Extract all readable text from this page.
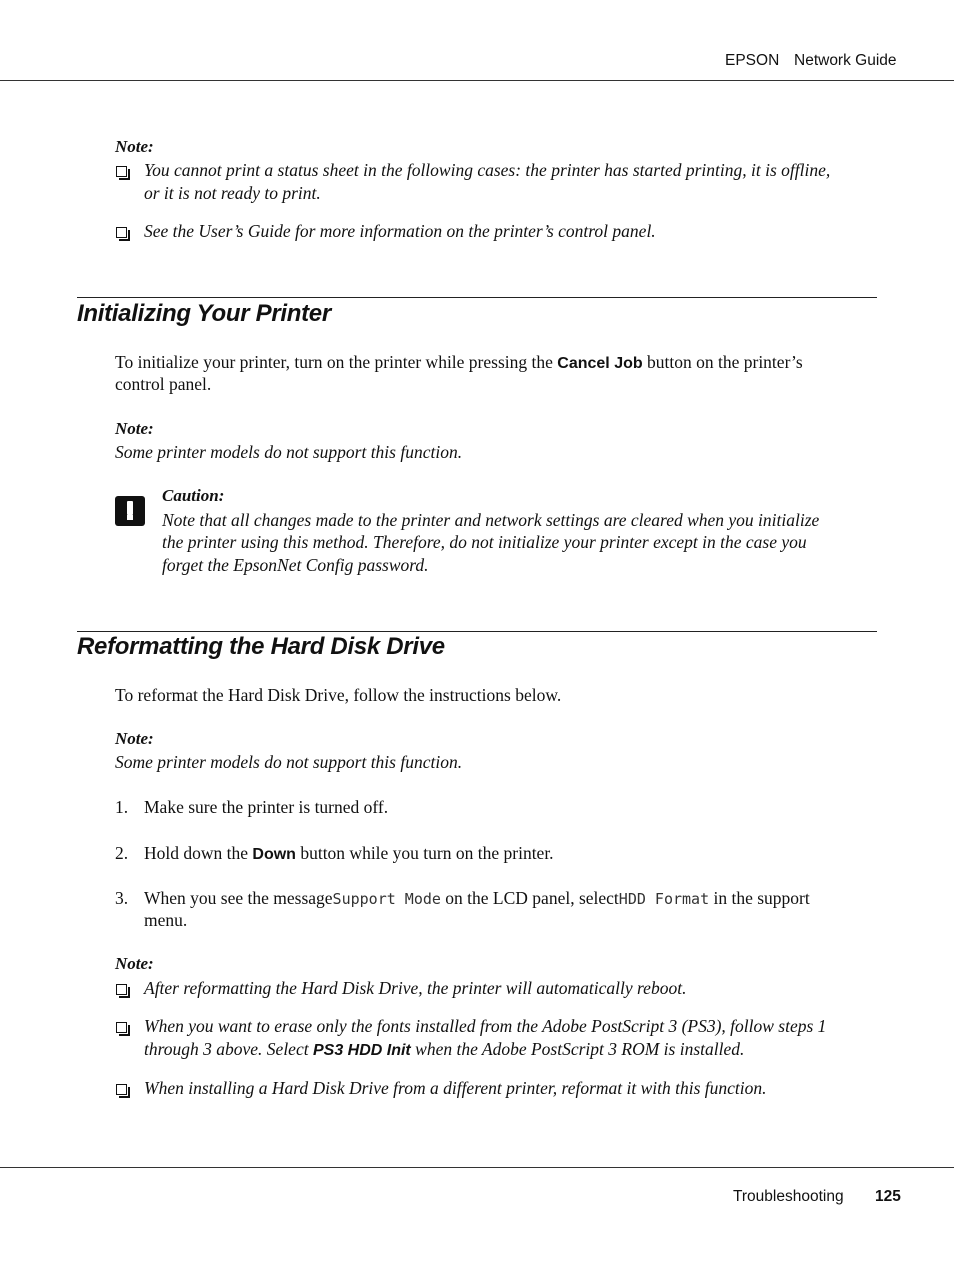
EPSON Network Guide
Note:
You cannot print a status sheet in the following cases: the printer has started printing, it is offline,
or it is not ready to print.
See the User’s Guide for more information on the printer’s control panel.
Initializing Your Printer
To initialize your printer, turn on the printer while pressing the Cancel Job button on the printer’s
control panel.
Note:
Some printer models do not support this function.
Caution:
Note that all changes made to the printer and network settings are cleared when you initialize
the printer using this method. Therefore, do not initialize your printer except in the case you
forget the EpsonNet Config password.
Reformatting the Hard Disk Drive
To reformat the Hard Disk Drive, follow the instructions below.
Note:
Some printer models do not support this function.
1. Make sure the printer is turned off.
2. Hold down the Down button while you turn on the printer.
3. When you see the messageSupport Mode on the LCD panel, selectHDD Format in the support
menu.
Note:
After reformatting the Hard Disk Drive, the printer will automatically reboot.
When you want to erase only the fonts installed from the Adobe PostScript 3 (PS3), follow steps 1
through 3 above. Select PS3 HDD Init when the Adobe PostScript 3 ROM is installed.
When installing a Hard Disk Drive from a different printer, reformat it with this function.
Troubleshooting 125
